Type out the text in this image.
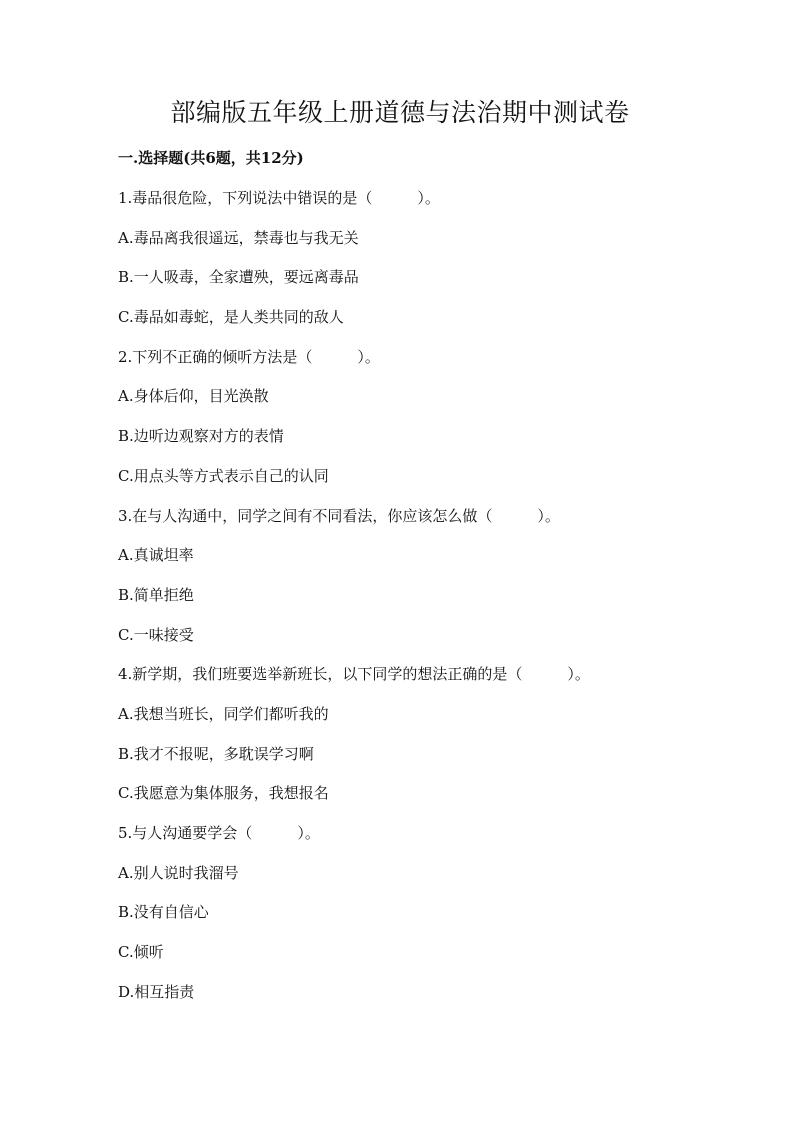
部编版五年级上册道德与法治期中测试卷
一.选择题(共6题，共12分)

1.毒品很危险，下列说法中错误的是（　　　）。

A.毒品离我很遥远，禁毒也与我无关

B.一人吸毒，全家遭殃，要远离毒品

C.毒品如毒蛇，是人类共同的敌人

2.下列不正确的倾听方法是（　　　）。

A.身体后仰，目光涣散

B.边听边观察对方的表情

C.用点头等方式表示自己的认同

3.在与人沟通中，同学之间有不同看法，你应该怎么做（　　　）。

A.真诚坦率

B.简单拒绝

C.一味接受

4.新学期，我们班要选举新班长，以下同学的想法正确的是（　　　）。

A.我想当班长，同学们都听我的

B.我才不报呢，多耽误学习啊

C.我愿意为集体服务，我想报名

5.与人沟通要学会（　　　）。

A.别人说时我溜号

B.没有自信心

C.倾听

D.相互指责
